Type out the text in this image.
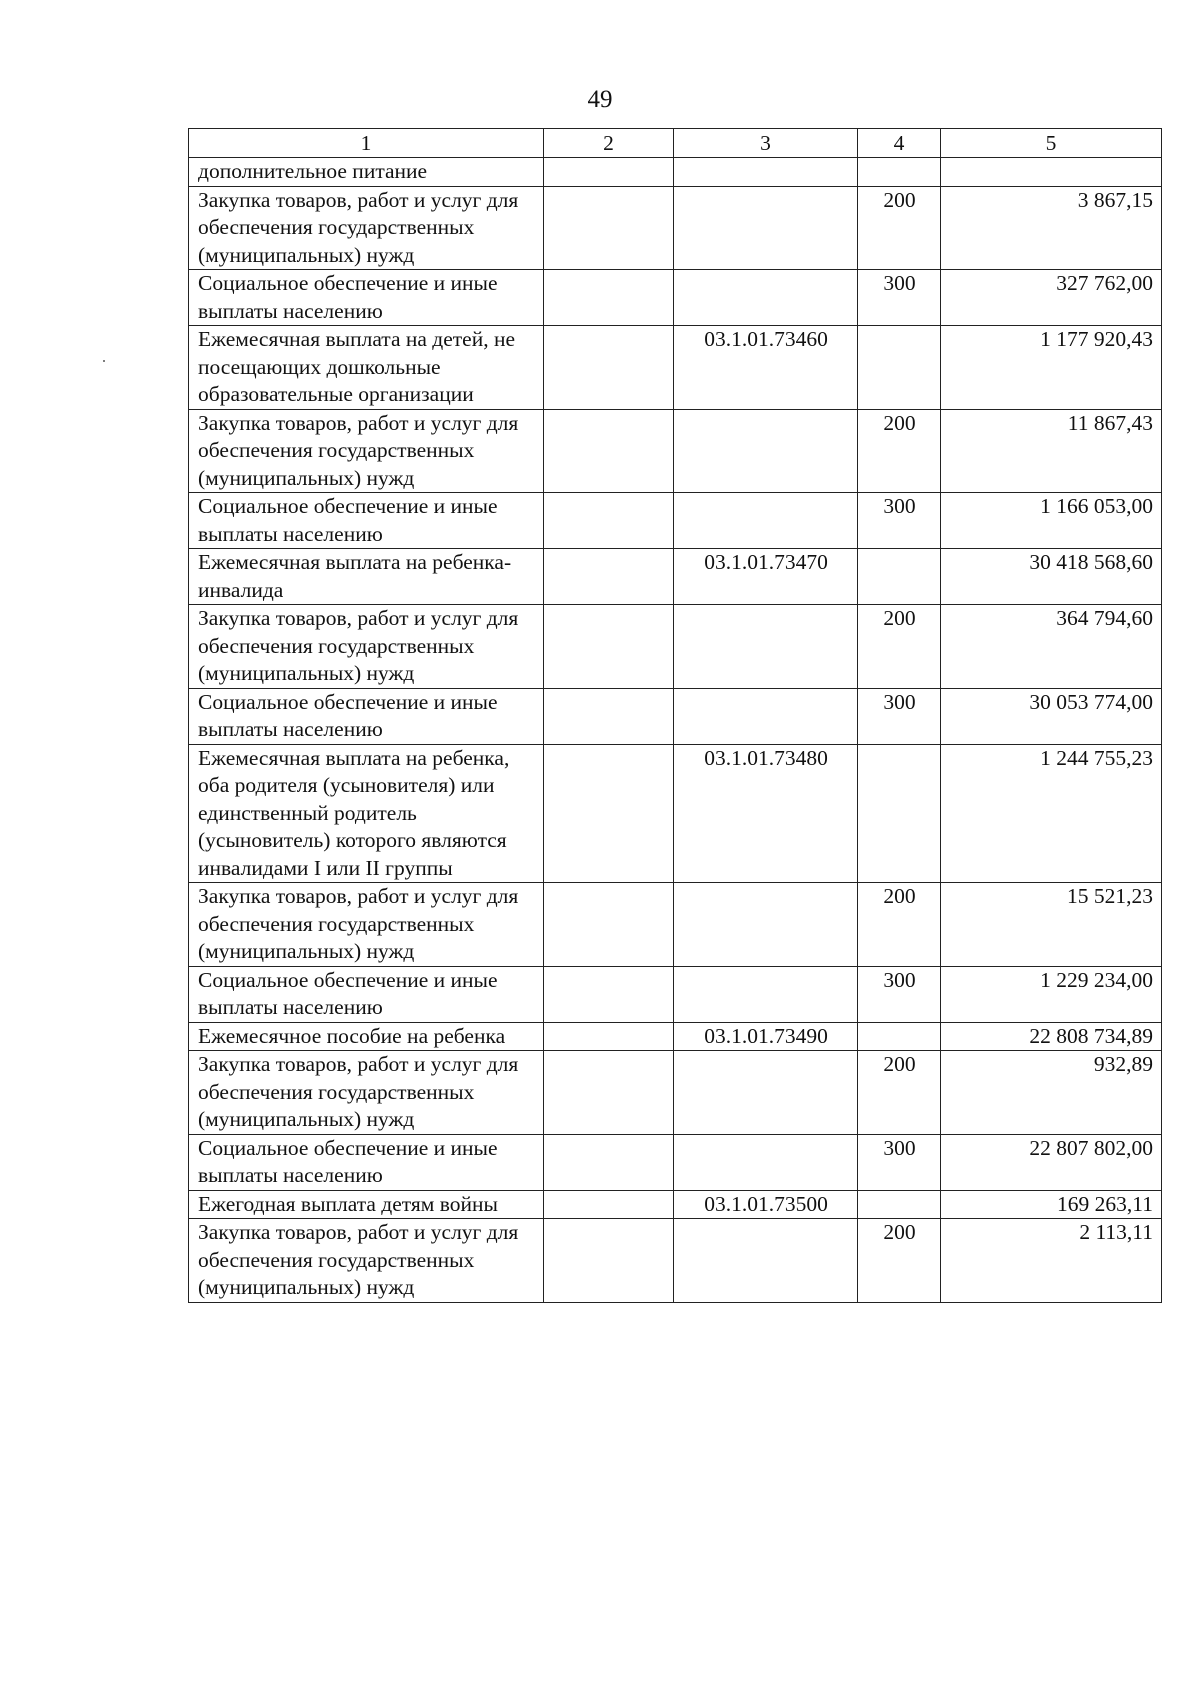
49
1	2	3	4	5
дополнительное питание				
Закупка товаров, работ и услуг для обеспечения государственных (муниципальных) нужд			200	3 867,15
Социальное обеспечение и иные выплаты населению			300	327 762,00
Ежемесячная выплата на детей, не посещающих дошкольные образовательные организации		03.1.01.73460		1 177 920,43
Закупка товаров, работ и услуг для обеспечения государственных (муниципальных) нужд			200	11 867,43
Социальное обеспечение и иные выплаты населению			300	1 166 053,00
Ежемесячная выплата на ребенка-инвалида		03.1.01.73470		30 418 568,60
Закупка товаров, работ и услуг для обеспечения государственных (муниципальных) нужд			200	364 794,60
Социальное обеспечение и иные выплаты населению			300	30 053 774,00
Ежемесячная выплата на ребенка, оба родителя (усыновителя) или единственный родитель (усыновитель) которого являются инвалидами I или II группы		03.1.01.73480		1 244 755,23
Закупка товаров, работ и услуг для обеспечения государственных (муниципальных) нужд			200	15 521,23
Социальное обеспечение и иные выплаты населению			300	1 229 234,00
Ежемесячное пособие на ребенка		03.1.01.73490		22 808 734,89
Закупка товаров, работ и услуг для обеспечения государственных (муниципальных) нужд			200	932,89
Социальное обеспечение и иные выплаты населению			300	22 807 802,00
Ежегодная выплата детям войны		03.1.01.73500		169 263,11
Закупка товаров, работ и услуг для обеспечения государственных (муниципальных) нужд			200	2 113,11
